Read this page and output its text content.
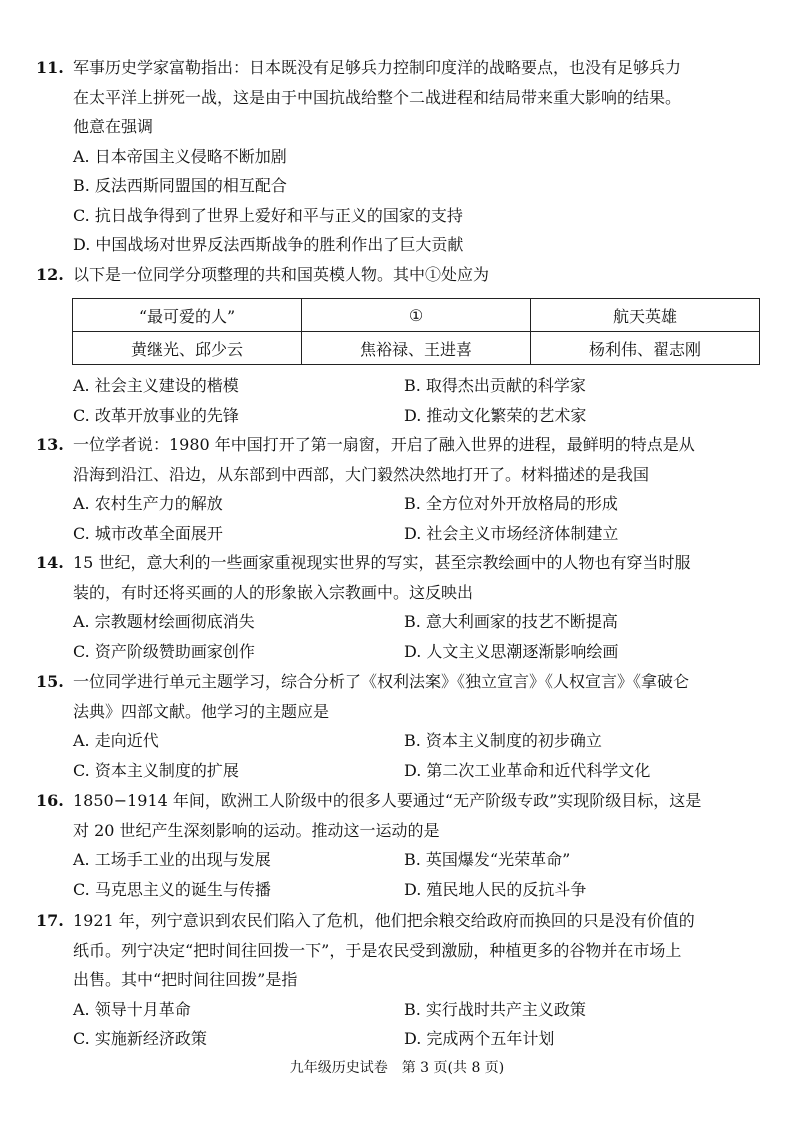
11. 军事历史学家富勒指出：日本既没有足够兵力控制印度洋的战略要点，也没有足够兵力
在太平洋上拼死一战，这是由于中国抗战给整个二战进程和结局带来重大影响的结果。
他意在强调
A. 日本帝国主义侵略不断加剧
B. 反法西斯同盟国的相互配合
C. 抗日战争得到了世界上爱好和平与正义的国家的支持
D. 中国战场对世界反法西斯战争的胜利作出了巨大贡献
12. 以下是一位同学分项整理的共和国英模人物。其中①处应为
“最可爱的人”	①	航天英雄
黄继光、邱少云	焦裕禄、王进喜	杨利伟、翟志刚
A. 社会主义建设的楷模	B. 取得杰出贡献的科学家
C. 改革开放事业的先锋	D. 推动文化繁荣的艺术家
13. 一位学者说：1980 年中国打开了第一扇窗，开启了融入世界的进程，最鲜明的特点是从
沿海到沿江、沿边，从东部到中西部，大门毅然决然地打开了。材料描述的是我国
A. 农村生产力的解放	B. 全方位对外开放格局的形成
C. 城市改革全面展开	D. 社会主义市场经济体制建立
14. 15 世纪，意大利的一些画家重视现实世界的写实，甚至宗教绘画中的人物也有穿当时服
装的，有时还将买画的人的形象嵌入宗教画中。这反映出
A. 宗教题材绘画彻底消失	B. 意大利画家的技艺不断提高
C. 资产阶级赞助画家创作	D. 人文主义思潮逐渐影响绘画
15. 一位同学进行单元主题学习，综合分析了《权利法案》《独立宣言》《人权宣言》《拿破仑
法典》四部文献。他学习的主题应是
A. 走向近代	B. 资本主义制度的初步确立
C. 资本主义制度的扩展	D. 第二次工业革命和近代科学文化
16. 1850−1914 年间，欧洲工人阶级中的很多人要通过“无产阶级专政”实现阶级目标，这是
对 20 世纪产生深刻影响的运动。推动这一运动的是
A. 工场手工业的出现与发展	B. 英国爆发“光荣革命”
C. 马克思主义的诞生与传播	D. 殖民地人民的反抗斗争
17. 1921 年，列宁意识到农民们陷入了危机，他们把余粮交给政府而换回的只是没有价值的
纸币。列宁决定“把时间往回拨一下”，于是农民受到激励，种植更多的谷物并在市场上
出售。其中“把时间往回拨”是指
A. 领导十月革命	B. 实行战时共产主义政策
C. 实施新经济政策	D. 完成两个五年计划
九年级历史试卷　第 3 页(共 8 页)
